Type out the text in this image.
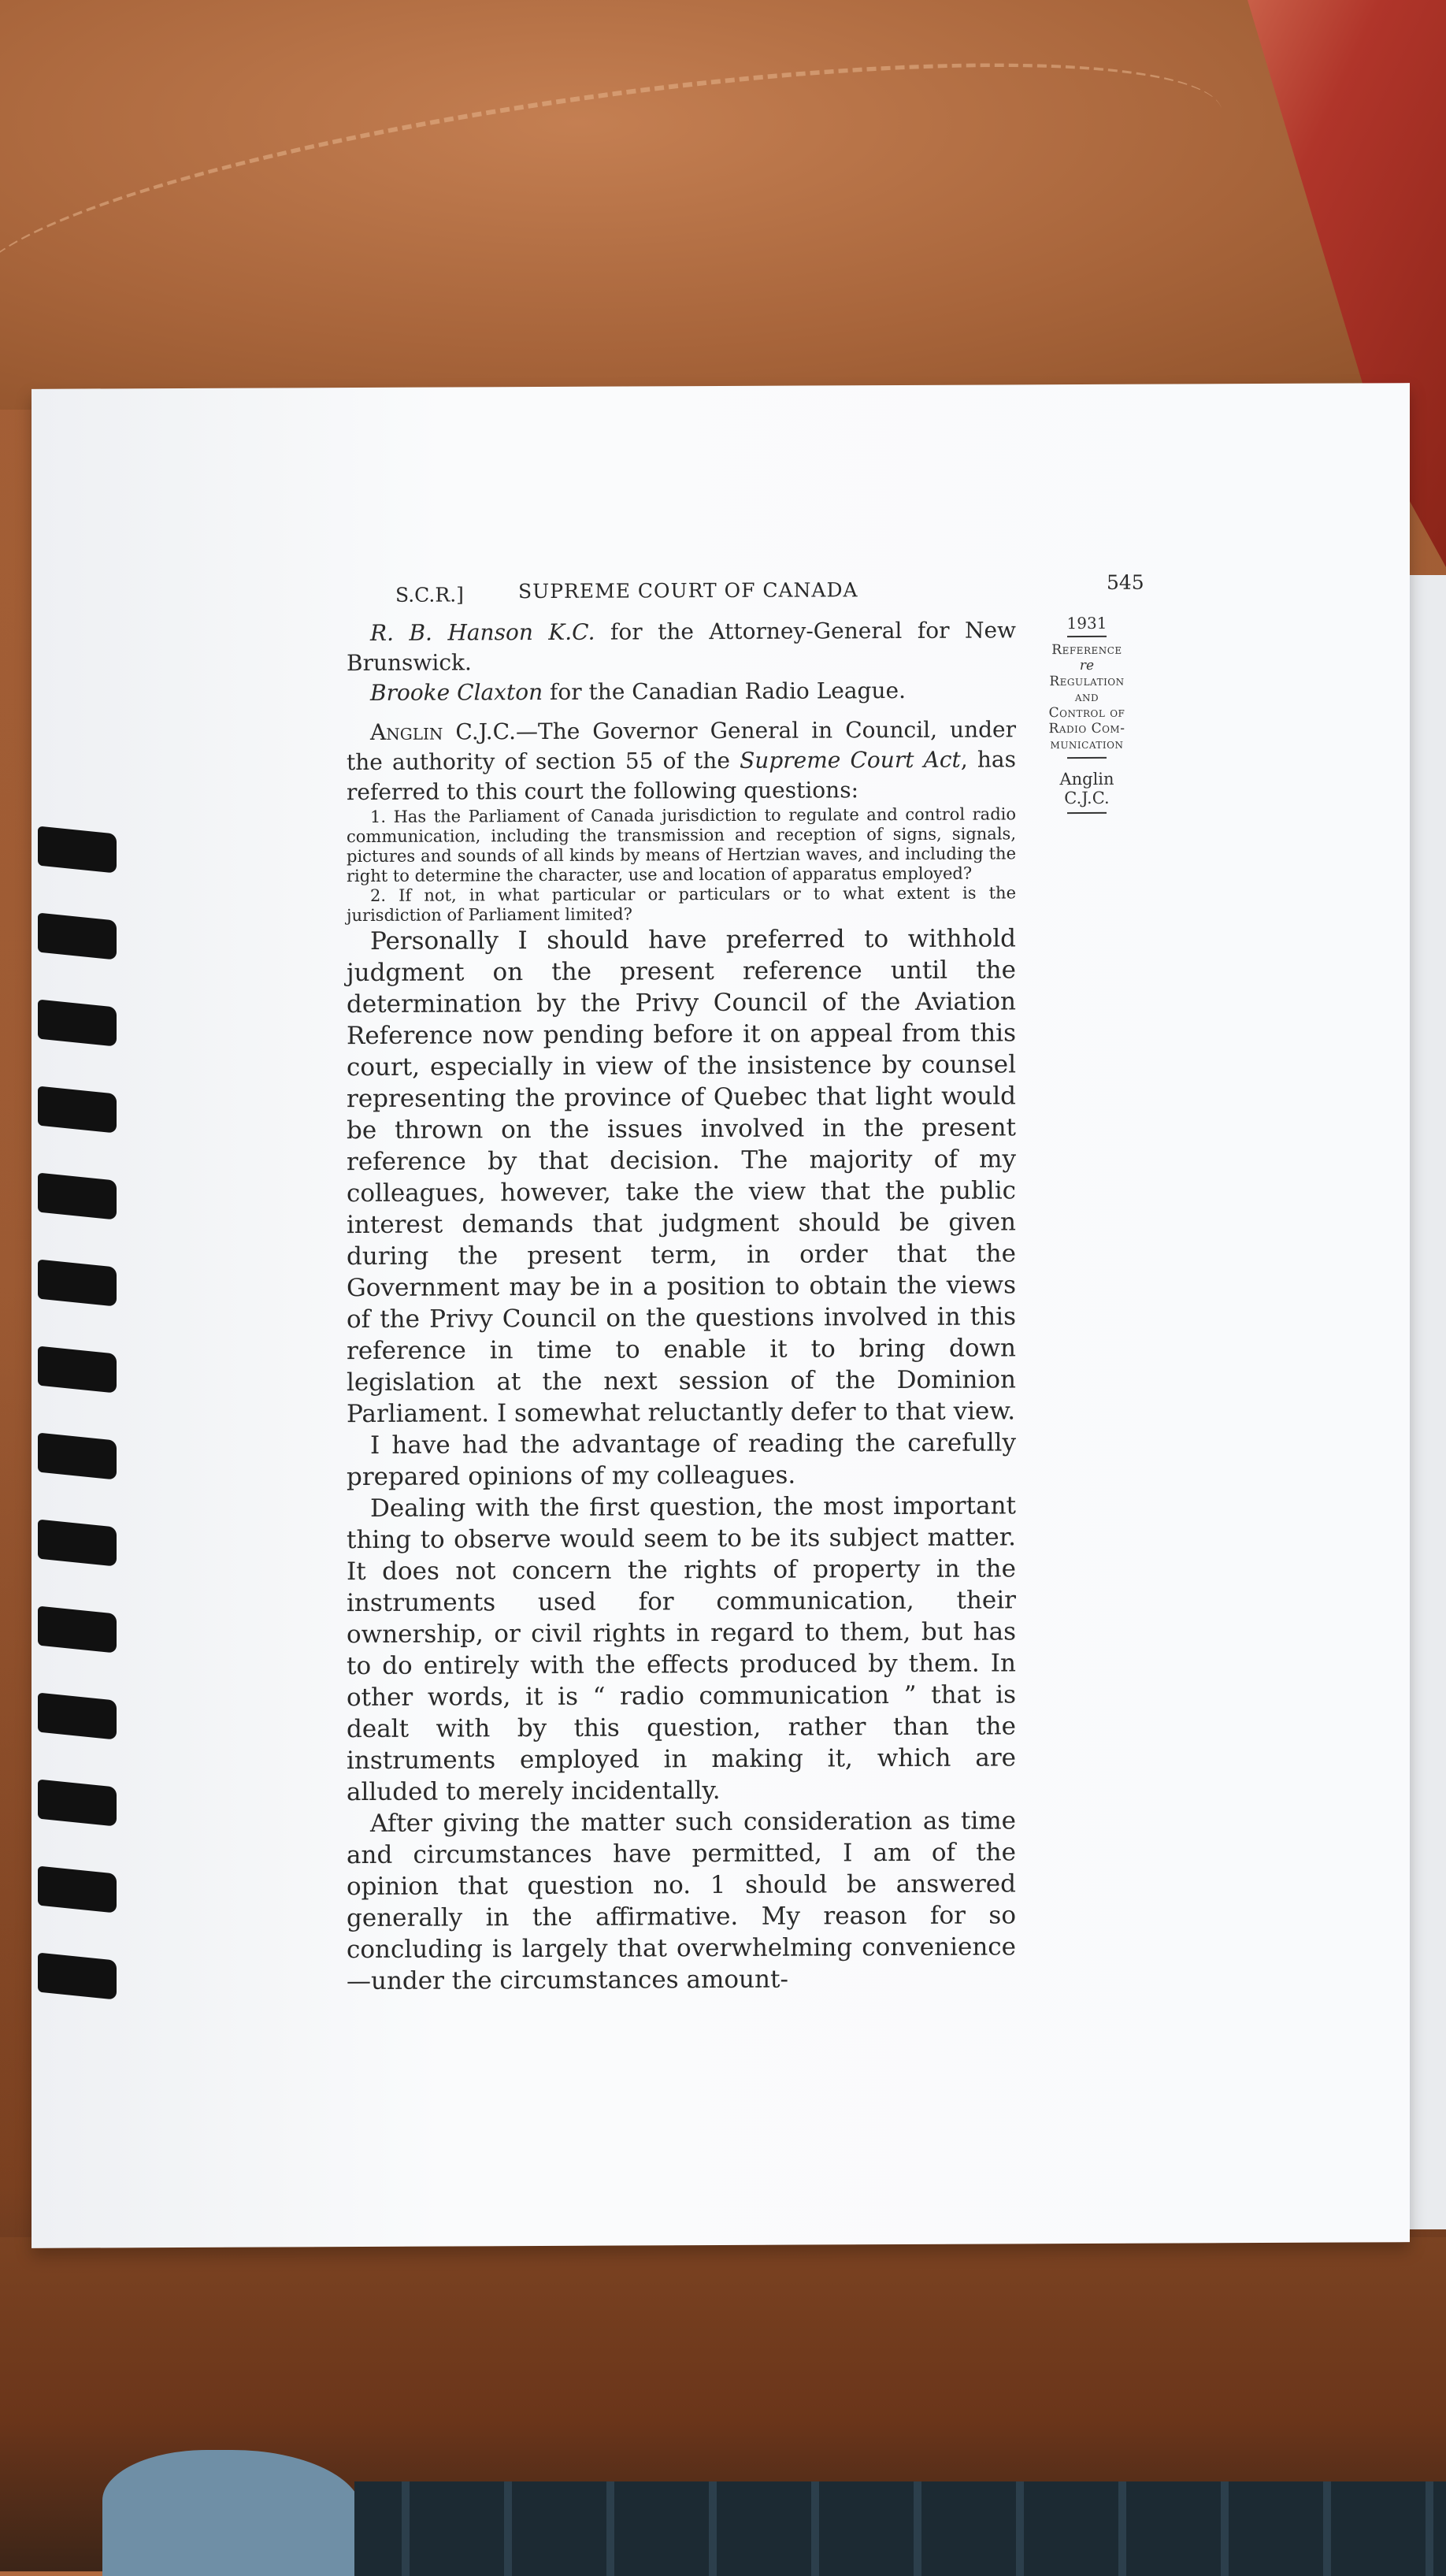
S.C.R.]	SUPREME COURT OF CANADA	545
1931
Reference
re
Regulation
and
Control of
Radio Com-
munication
Anglin
C.J.C.

R. B. Hanson K.C. for the Attorney-General for New Brunswick.

Brooke Claxton for the Canadian Radio League.

Anglin C.J.C.—The Governor General in Council, under the authority of section 55 of the Supreme Court Act, has referred to this court the following questions:

1. Has the Parliament of Canada jurisdiction to regulate and control radio communication, including the transmission and reception of signs, signals, pictures and sounds of all kinds by means of Hertzian waves, and including the right to determine the character, use and location of apparatus employed?

2. If not, in what particular or particulars or to what extent is the jurisdiction of Parliament limited?

Personally I should have preferred to withhold judgment on the present reference until the determination by the Privy Council of the Aviation Reference now pending before it on appeal from this court, especially in view of the insistence by counsel representing the province of Quebec that light would be thrown on the issues involved in the present reference by that decision. The majority of my colleagues, however, take the view that the public interest demands that judgment should be given during the present term, in order that the Government may be in a position to obtain the views of the Privy Council on the questions involved in this reference in time to enable it to bring down legislation at the next session of the Dominion Parliament. I somewhat reluctantly defer to that view.

I have had the advantage of reading the carefully prepared opinions of my colleagues.

Dealing with the first question, the most important thing to observe would seem to be its subject matter. It does not concern the rights of property in the instruments used for communication, their ownership, or civil rights in regard to them, but has to do entirely with the effects produced by them. In other words, it is “ radio communication ” that is dealt with by this question, rather than the instruments employed in making it, which are alluded to merely incidentally.

After giving the matter such consideration as time and circumstances have permitted, I am of the opinion that question no. 1 should be answered generally in the affirmative. My reason for so concluding is largely that overwhelming convenience—under the circumstances amount-
